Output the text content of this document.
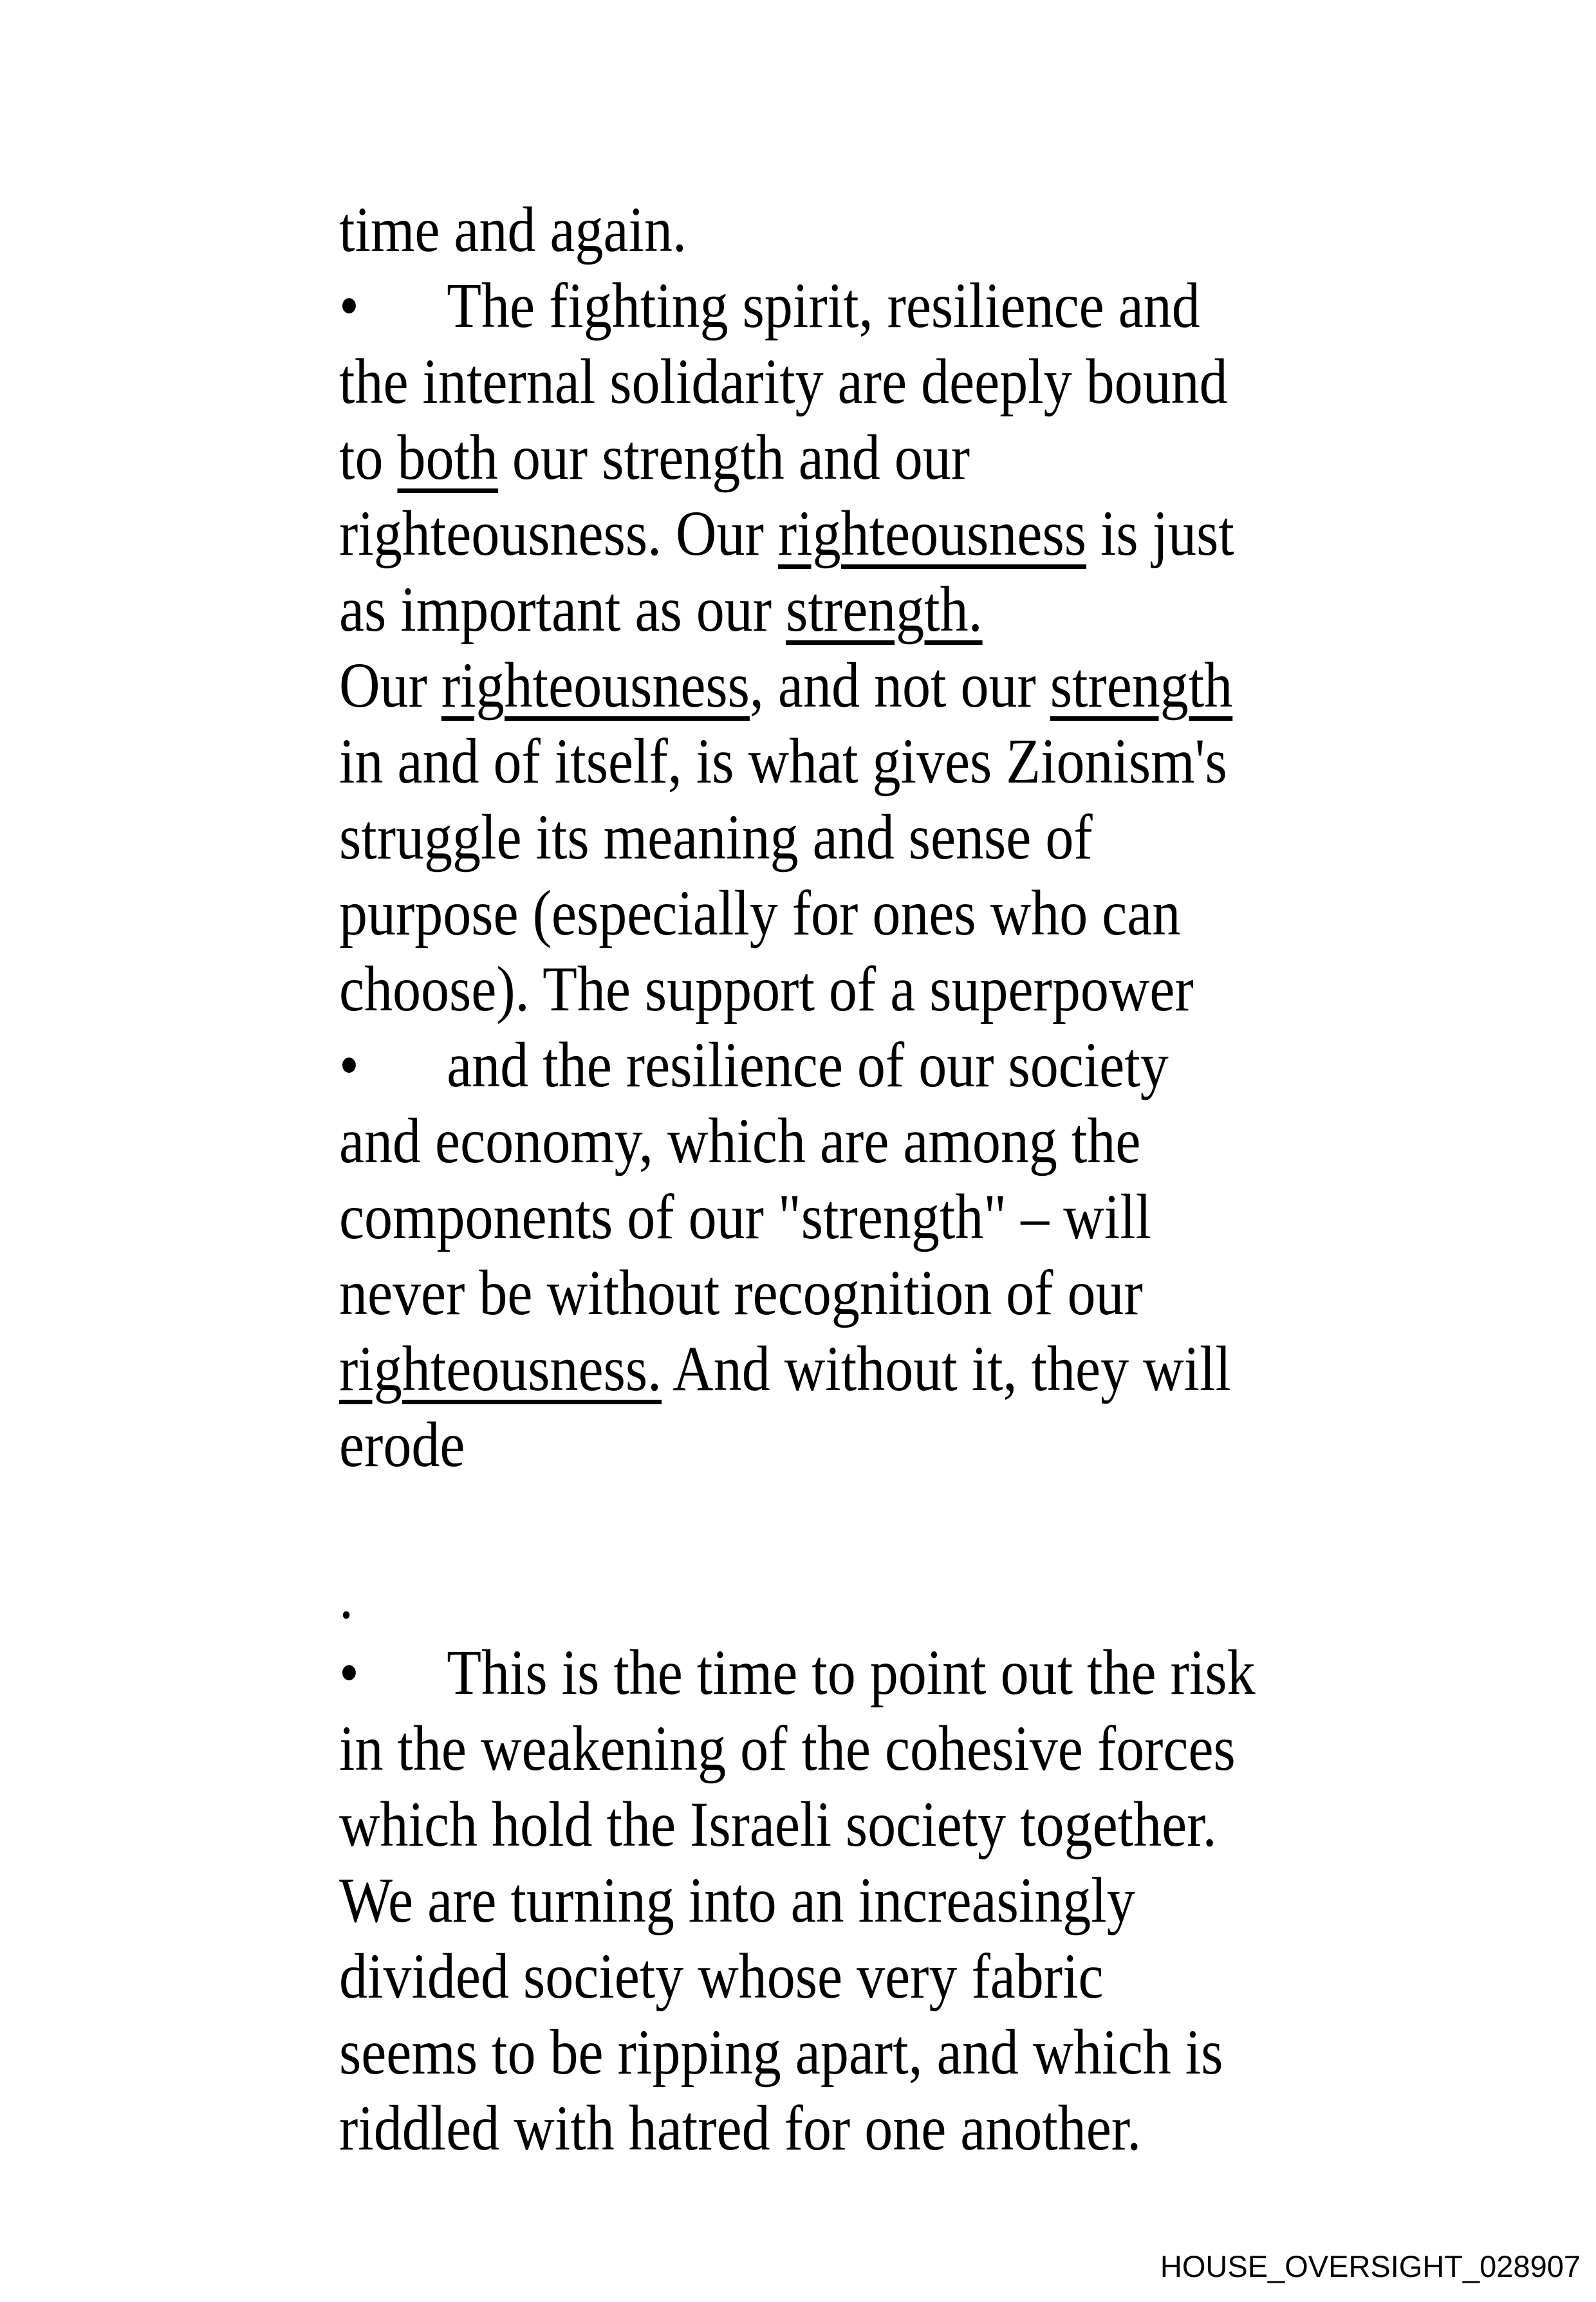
time and again.
• The fighting spirit, resilience and
the internal solidarity are deeply bound
to both our strength and our
righteousness. Our righteousness is just
as important as our strength.
Our righteousness, and not our strength
in and of itself, is what gives Zionism's
struggle its meaning and sense of
purpose (especially for ones who can
choose). The support of a superpower
• and the resilience of our society
and economy, which are among the
components of our "strength" – will
never be without recognition of our
righteousness. And without it, they will
erode

.
• This is the time to point out the risk
in the weakening of the cohesive forces
which hold the Israeli society together.
We are turning into an increasingly
divided society whose very fabric
seems to be ripping apart, and which is
riddled with hatred for one another.
HOUSE_OVERSIGHT_028907
